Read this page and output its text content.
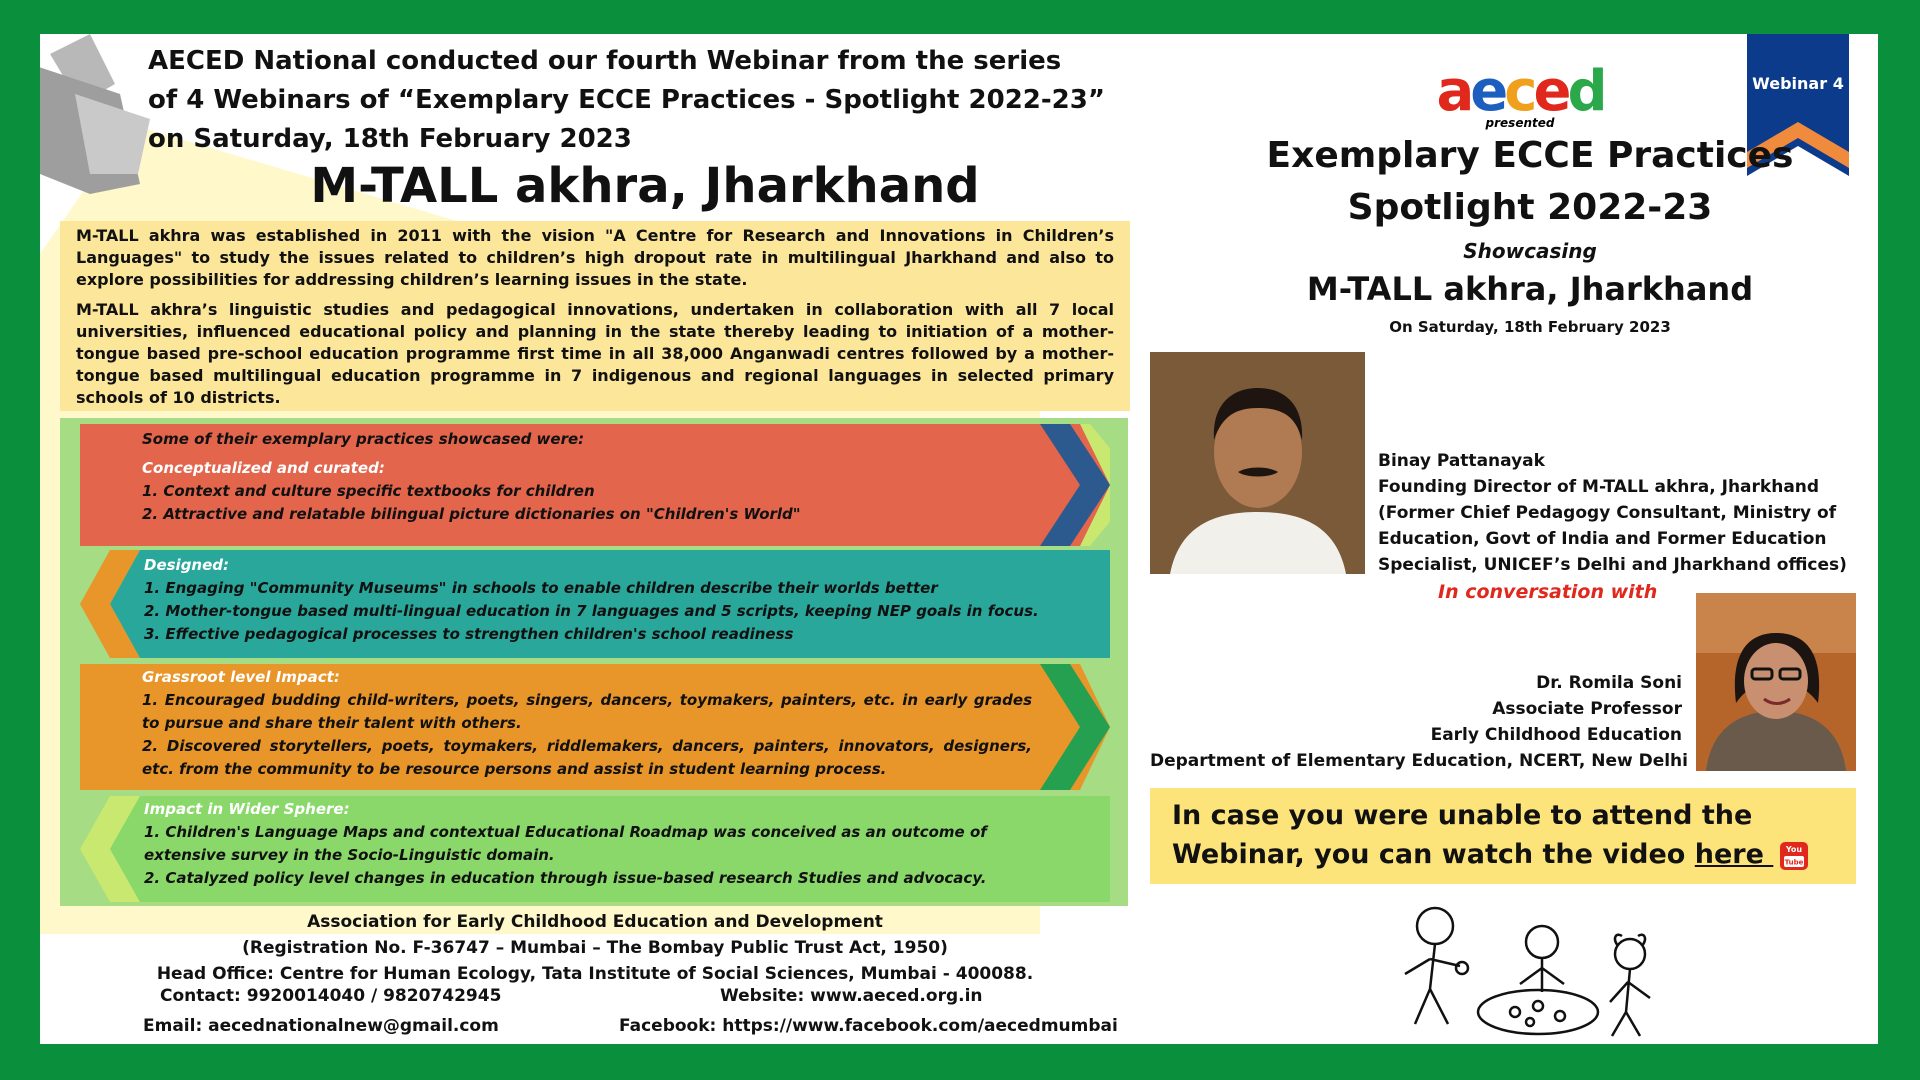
AECED National conducted our fourth Webinar from the series
of 4 Webinars of “Exemplary ECCE Practices - Spotlight 2022-23”
on Saturday, 18th February 2023
M-TALL akhra, Jharkhand

M-TALL akhra was established in 2011 with the vision "A Centre for Research and Innovations in Children’s Languages" to study the issues related to children’s high dropout rate in multilingual Jharkhand and also to explore possibilities for addressing children’s learning issues in the state.

M-TALL akhra’s linguistic studies and pedagogical innovations, undertaken in collaboration with all 7 local universities, influenced educational policy and planning in the state thereby leading to initiation of a mother-tongue based pre-school education programme first time in all 38,000 Anganwadi centres followed by a mother-tongue based multilingual education programme in 7 indigenous and regional languages in selected primary schools of 10 districts.

Some of their exemplary practices showcased were:
Conceptualized and curated:
1. Context and culture specific textbooks for children
2. Attractive and relatable bilingual picture dictionaries on "Children's World"
Designed:
1. Engaging "Community Museums" in schools to enable children describe their worlds better
2. Mother-tongue based multi-lingual education in 7 languages and 5 scripts, keeping NEP goals in focus.
3. Effective pedagogical processes to strengthen children's school readiness
Grassroot level Impact:
1. Encouraged budding child-writers, poets, singers, dancers, toymakers, painters, etc. in early grades to pursue and share their talent with others.
2. Discovered storytellers, poets, toymakers, riddlemakers, dancers, painters, innovators, designers, etc. from the community to be resource persons and assist in student learning process.
Impact in Wider Sphere:
1. Children's Language Maps and contextual Educational Roadmap was conceived as an outcome of extensive survey in the Socio-Linguistic domain.
2. Catalyzed policy level changes in education through issue-based research Studies and advocacy.
Association for Early Childhood Education and Development
(Registration No. F-36747 – Mumbai – The Bombay Public Trust Act, 1950)
Head Office: Centre for Human Ecology, Tata Institute of Social Sciences, Mumbai - 400088.
Contact: 9920014040 / 9820742945	Website: www.aeced.org.in
Email: aecednationalnew@gmail.com	Facebook: https://www.facebook.com/aecedmumbai
aeced
presented
Webinar 4
Exemplary ECCE Practices
Spotlight 2022-23
Showcasing
M-TALL akhra, Jharkhand
On Saturday, 18th February 2023
Binay Pattanayak
Founding Director of M-TALL akhra, Jharkhand
(Former Chief Pedagogy Consultant, Ministry of
Education, Govt of India and Former Education
Specialist, UNICEF’s Delhi and Jharkhand offices)
In conversation with
Dr. Romila Soni
Associate Professor
Early Childhood Education
Department of Elementary Education, NCERT, New Delhi
In case you were unable to attend the
Webinar, you can watch the video here You
Tube
